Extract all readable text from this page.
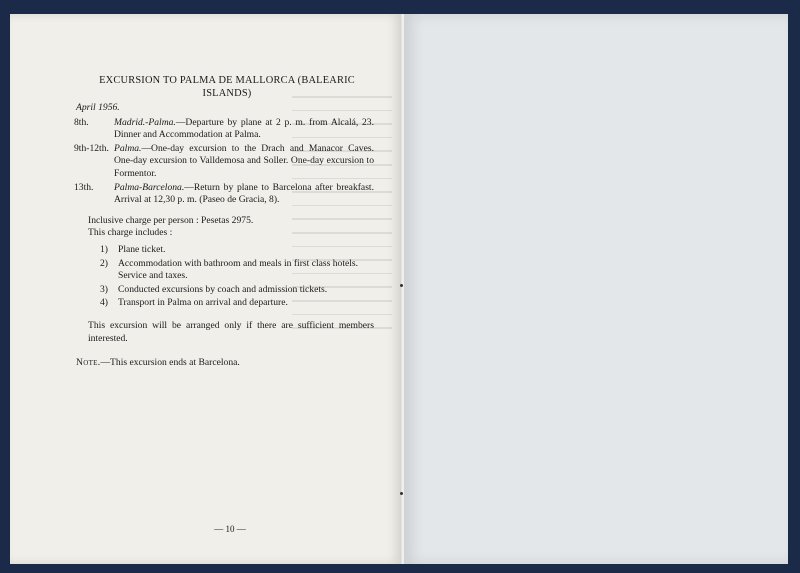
EXCURSION TO PALMA DE MALLORCA (BALEARIC ISLANDS)
April 1956.
8th.	Madrid.-Palma.—Departure by plane at 2 p. m. from Alcalá, 23. Dinner and Accommodation at Palma.
9th-12th. Palma.—One-day excursion to the Drach and Manacor Caves. One-day excursion to Valldemosa and Soller. One-day excursion to Formentor.
13th.	Palma-Barcelona.—Return by plane to Barcelona after breakfast. Arrival at 12,30 p. m. (Paseo de Gracia, 8).
Inclusive charge per person : Pesetas 2975.
This charge includes :
1)	Plane ticket.
2)	Accommodation with bathroom and meals in first class hotels. Service and taxes.
3)	Conducted excursions by coach and admission tickets.
4)	Transport in Palma on arrival and departure.
This excursion will be arranged only if there are sufficient members interested.
Note.—This excursion ends at Barcelona.
— 10 —
